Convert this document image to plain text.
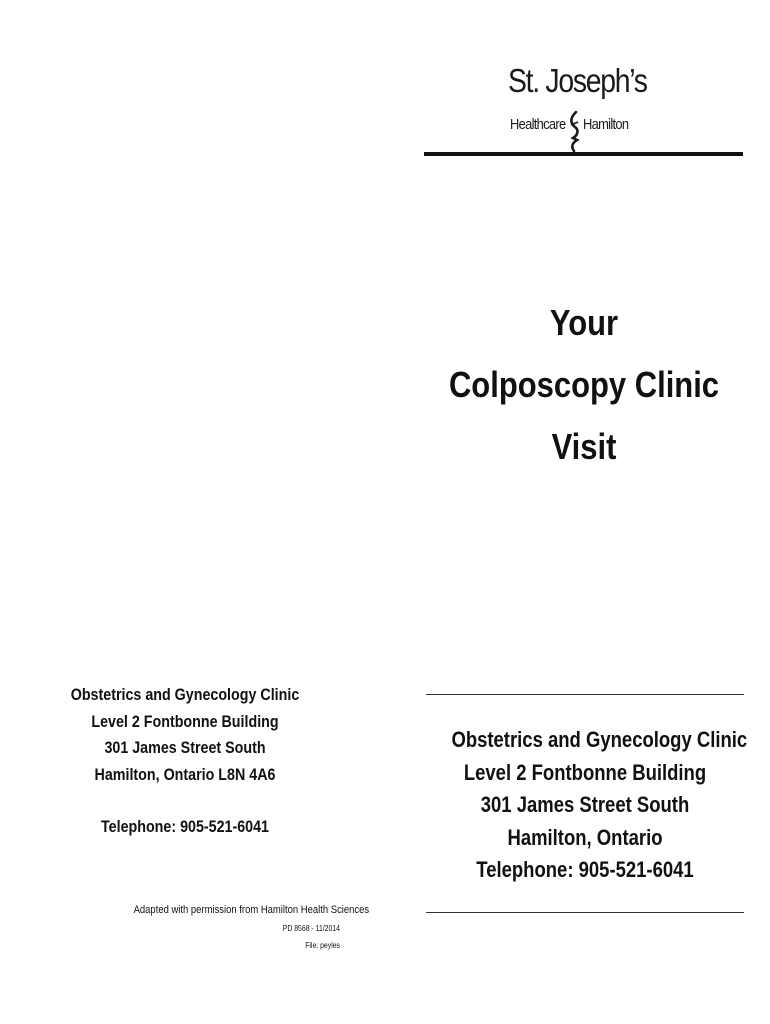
St. Joseph’s
Healthcare Hamilton
Your
Colposcopy Clinic
Visit
Obstetrics and Gynecology Clinic
Level 2 Fontbonne Building
301 James Street South
Hamilton, Ontario L8N 4A6
Telephone: 905-521-6041
Adapted with permission from Hamilton Health Sciences
PD 8568 - 11/2014
File: peyles
Obstetrics and Gynecology Clinic
Level 2 Fontbonne Building
301 James Street South
Hamilton, Ontario
Telephone: 905-521-6041
